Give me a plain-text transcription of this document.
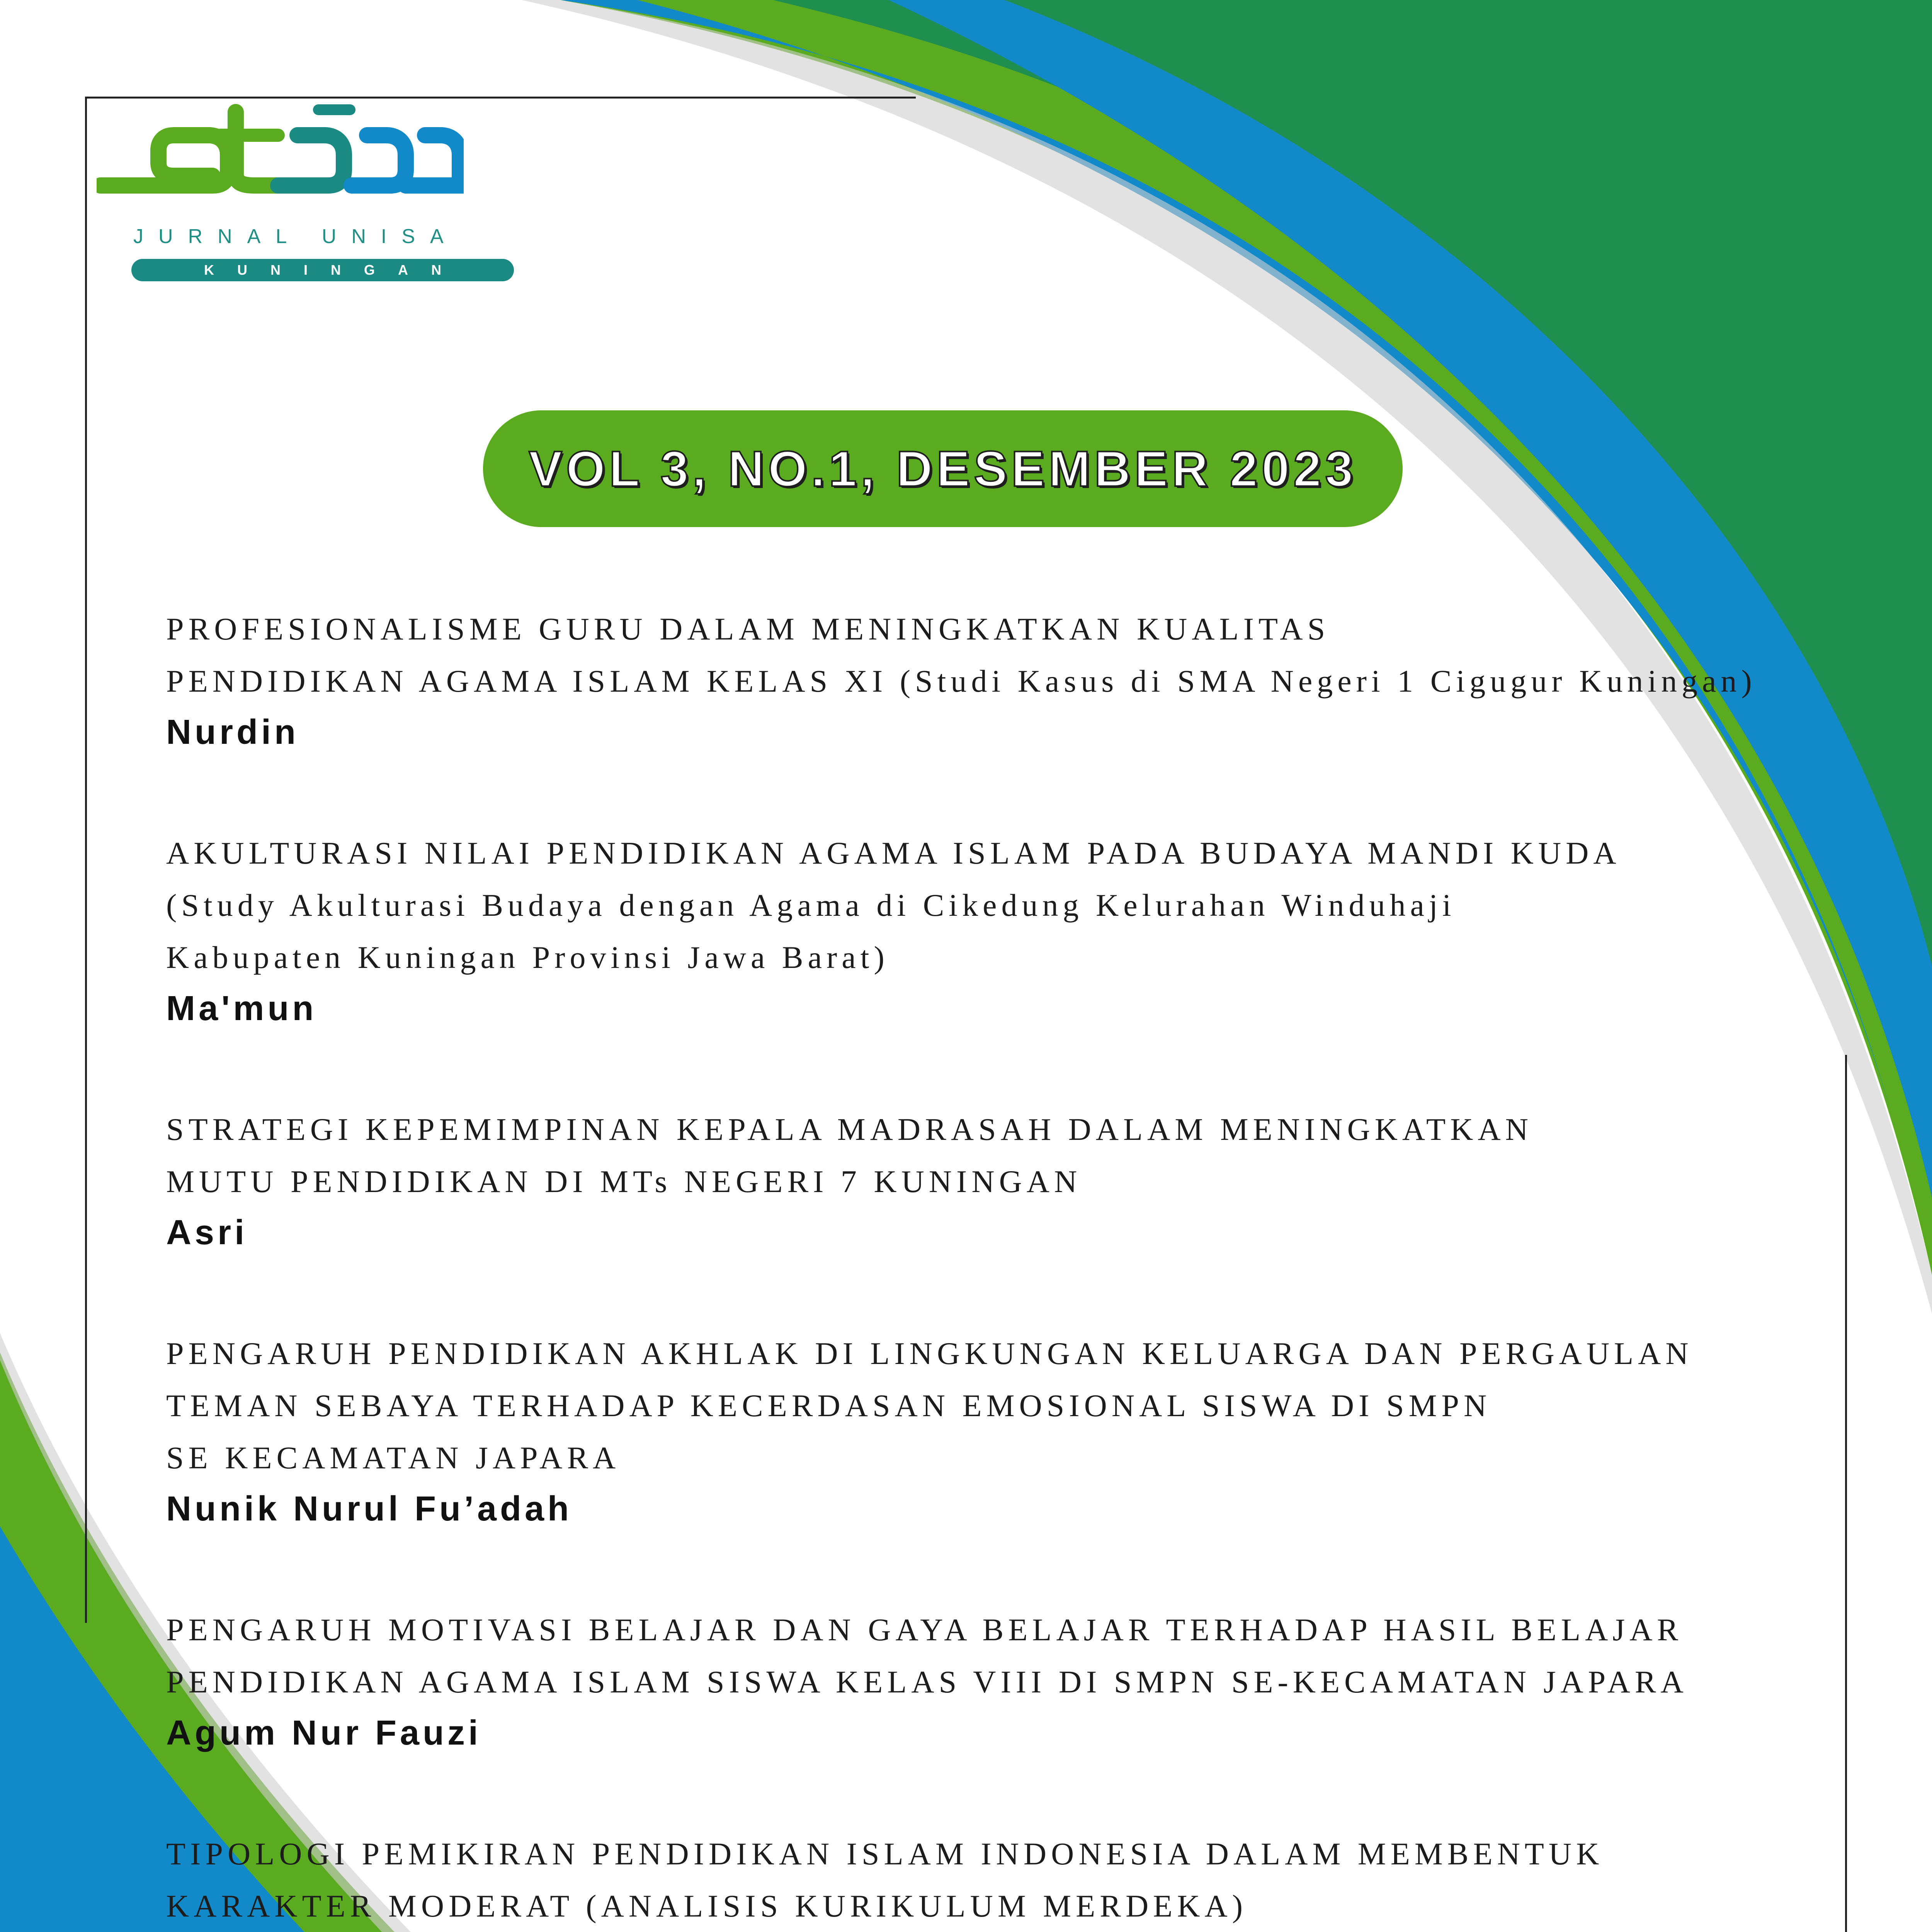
JURNAL UNISA
KUNINGAN
VOL 3, NO.1, DESEMBER 2023
PROFESIONALISME GURU DALAM MENINGKATKAN KUALITAS
PENDIDIKAN AGAMA ISLAM KELAS XI (Studi Kasus di SMA Negeri 1 Cigugur Kuningan)
Nurdin
AKULTURASI NILAI PENDIDIKAN AGAMA ISLAM PADA BUDAYA MANDI KUDA
(Study Akulturasi Budaya dengan Agama di Cikedung Kelurahan Winduhaji
Kabupaten Kuningan Provinsi Jawa Barat)
Ma'mun
STRATEGI KEPEMIMPINAN KEPALA MADRASAH DALAM MENINGKATKAN
MUTU PENDIDIKAN DI MTs NEGERI 7 KUNINGAN
Asri
PENGARUH PENDIDIKAN AKHLAK DI LINGKUNGAN KELUARGA DAN PERGAULAN
TEMAN SEBAYA TERHADAP KECERDASAN EMOSIONAL SISWA DI SMPN
SE KECAMATAN JAPARA
Nunik Nurul Fu’adah
PENGARUH MOTIVASI BELAJAR DAN GAYA BELAJAR TERHADAP HASIL BELAJAR
PENDIDIKAN AGAMA ISLAM SISWA KELAS VIII DI SMPN SE-KECAMATAN JAPARA
Agum Nur Fauzi
TIPOLOGI PEMIKIRAN PENDIDIKAN ISLAM INDONESIA DALAM MEMBENTUK
KARAKTER MODERAT (ANALISIS KURIKULUM MERDEKA)
